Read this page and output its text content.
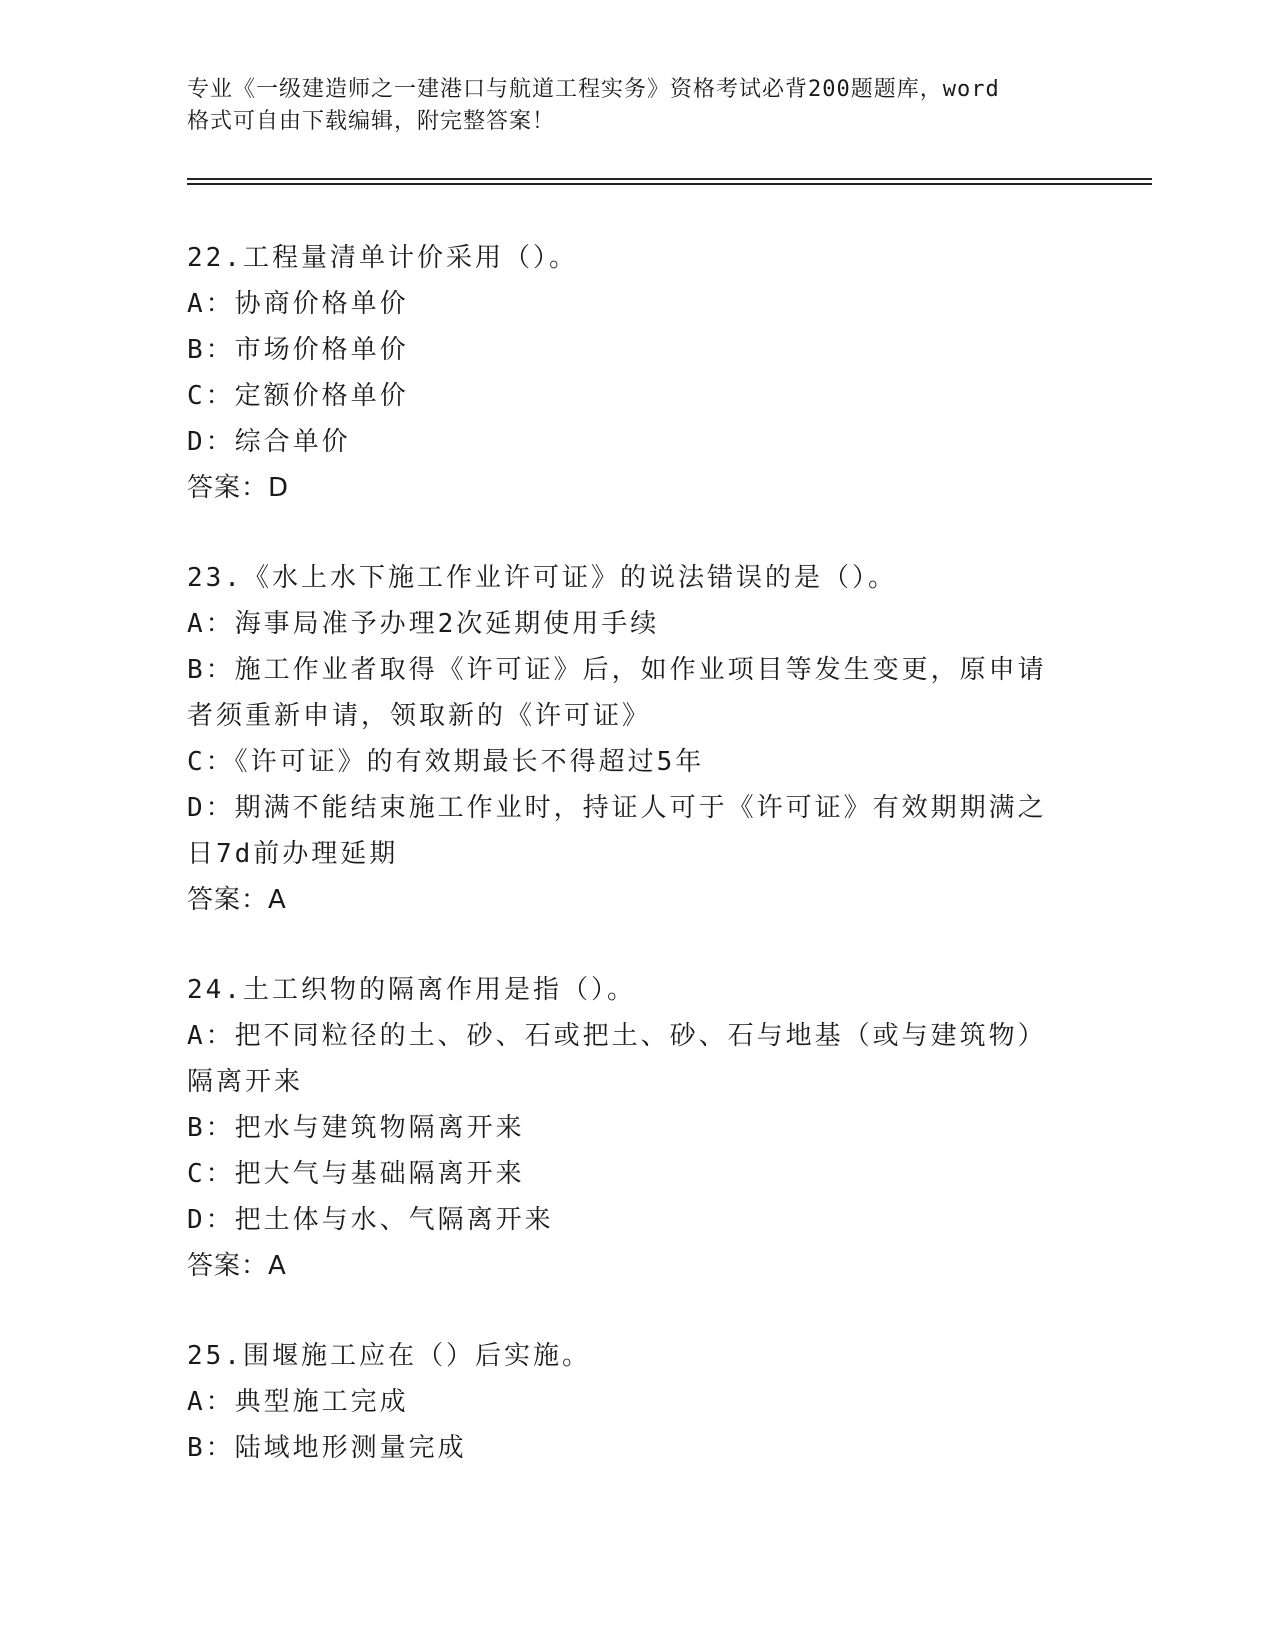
专业《一级建造师之一建港口与航道工程实务》资格考试必背200题题库，word
格式可自由下载编辑，附完整答案！
22.工程量清单计价采用（）。
A：协商价格单价
B：市场价格单价
C：定额价格单价
D：综合单价
答案：D
23.《水上水下施工作业许可证》的说法错误的是（）。
A：海事局准予办理2次延期使用手续
B：施工作业者取得《许可证》后，如作业项目等发生变更，原申请者须重新申请，领取新的《许可证》
C：《许可证》的有效期最长不得超过5年
D：期满不能结束施工作业时，持证人可于《许可证》有效期期满之日7d前办理延期
答案：A
24.土工织物的隔离作用是指（）。
A：把不同粒径的土、砂、石或把土、砂、石与地基（或与建筑物）隔离开来
B：把水与建筑物隔离开来
C：把大气与基础隔离开来
D：把土体与水、气隔离开来
答案：A
25.围堰施工应在（）后实施。
A：典型施工完成
B：陆域地形测量完成
